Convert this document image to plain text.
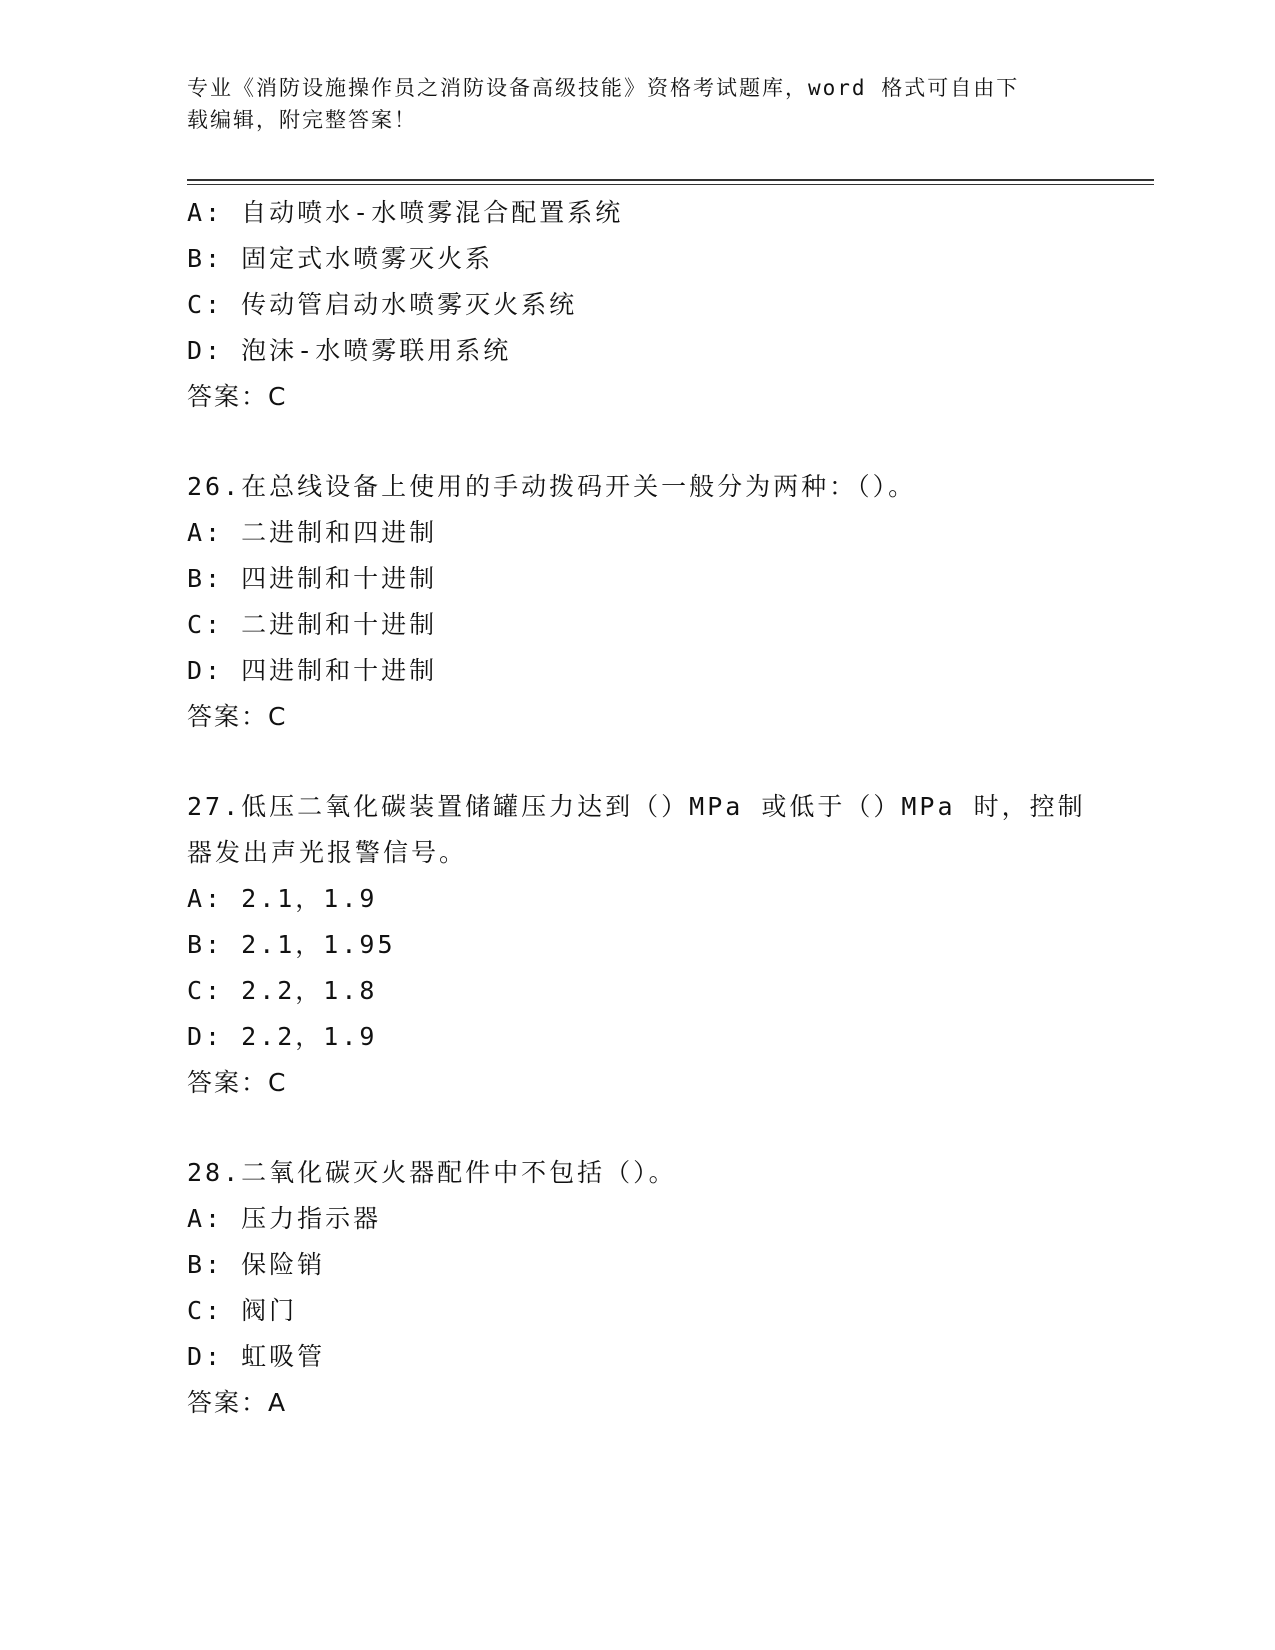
专业《消防设施操作员之消防设备高级技能》资格考试题库，word 格式可自由下
载编辑，附完整答案！
A: 自动喷水-水喷雾混合配置系统
B: 固定式水喷雾灭火系
C: 传动管启动水喷雾灭火系统
D: 泡沫-水喷雾联用系统
答案：C
26.在总线设备上使用的手动拨码开关一般分为两种：（）。
A: 二进制和四进制
B: 四进制和十进制
C: 二进制和十进制
D: 四进制和十进制
答案：C
27.低压二氧化碳装置储罐压力达到（）MPa 或低于（）MPa 时，控制
器发出声光报警信号。
A: 2.1，1.9
B: 2.1，1.95
C: 2.2，1.8
D: 2.2，1.9
答案：C
28.二氧化碳灭火器配件中不包括（）。
A: 压力指示器
B: 保险销
C: 阀门
D: 虹吸管
答案：A
